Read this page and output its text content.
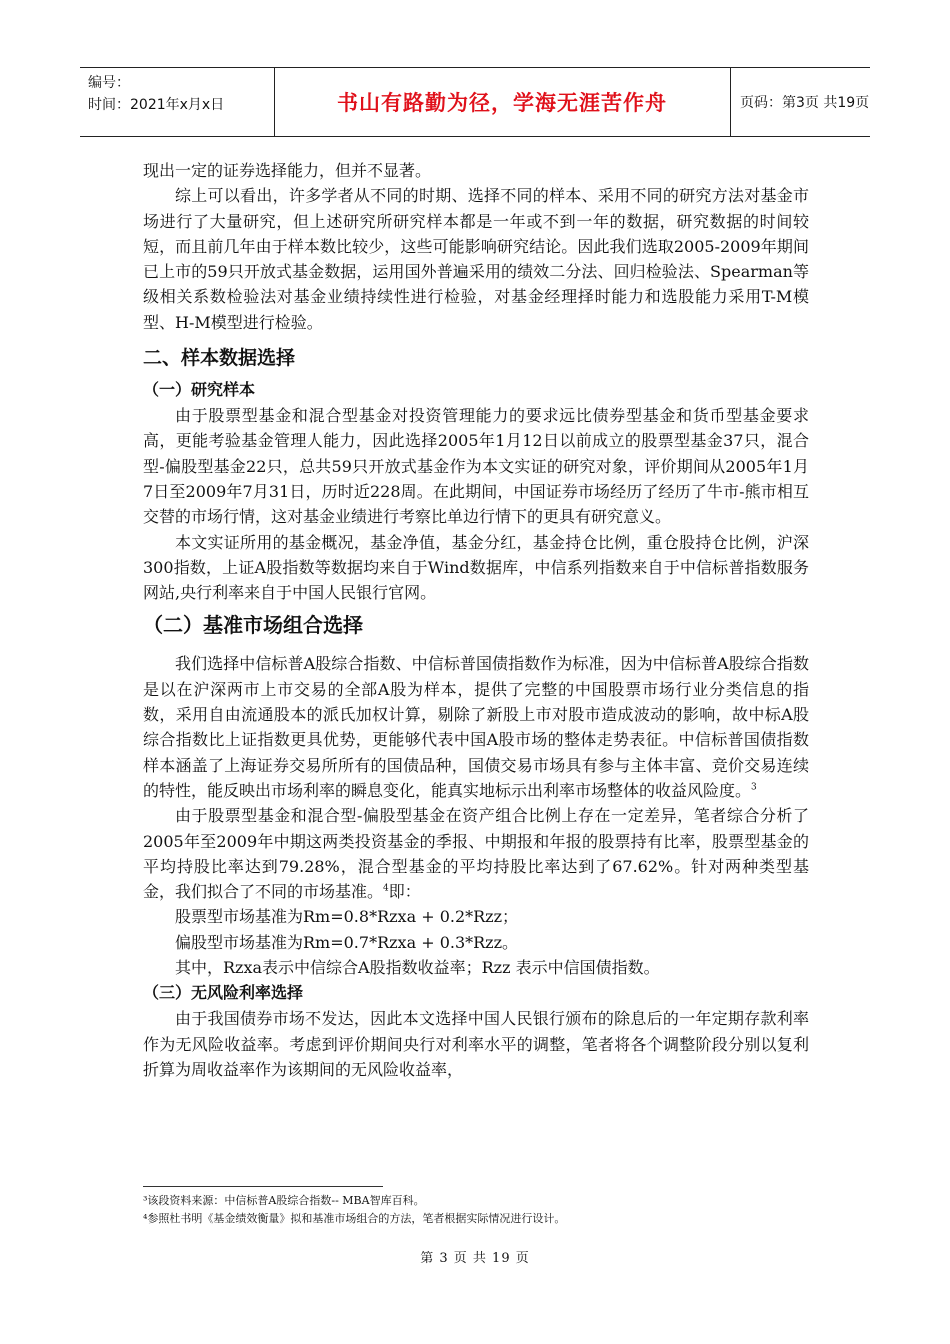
编号：
时间：2021年x月x日	书山有路勤为径，学海无涯苦作舟	页码：第3页 共19页

现出一定的证券选择能力，但并不显著。

综上可以看出，许多学者从不同的时期、选择不同的样本、采用不同的研究方法对基金市场进行了大量研究，但上述研究所研究样本都是一年或不到一年的数据，研究数据的时间较短，而且前几年由于样本数比较少，这些可能影响研究结论。因此我们选取2005-2009年期间已上市的59只开放式基金数据，运用国外普遍采用的绩效二分法、回归检验法、Spearman等级相关系数检验法对基金业绩持续性进行检验，对基金经理择时能力和选股能力采用T-M模型、H-M模型进行检验。

二、样本数据选择
（一）研究样本

由于股票型基金和混合型基金对投资管理能力的要求远比债券型基金和货币型基金要求高，更能考验基金管理人能力，因此选择2005年1月12日以前成立的股票型基金37只，混合型-偏股型基金22只，总共59只开放式基金作为本文实证的研究对象，评价期间从2005年1月7日至2009年7月31日，历时近228周。在此期间，中国证券市场经历了经历了牛市-熊市相互交替的市场行情，这对基金业绩进行考察比单边行情下的更具有研究意义。

本文实证所用的基金概况，基金净值，基金分红，基金持仓比例，重仓股持仓比例，沪深300指数，上证A股指数等数据均来自于Wind数据库，中信系列指数来自于中信标普指数服务网站,央行利率来自于中国人民银行官网。

（二）基准市场组合选择

我们选择中信标普A股综合指数、中信标普国债指数作为标准，因为中信标普A股综合指数是以在沪深两市上市交易的全部A股为样本，提供了完整的中国股票市场行业分类信息的指数，采用自由流通股本的派氏加权计算，剔除了新股上市对股市造成波动的影响，故中标A股综合指数比上证指数更具优势，更能够代表中国A股市场的整体走势表征。中信标普国债指数样本涵盖了上海证券交易所所有的国债品种，国债交易市场具有参与主体丰富、竞价交易连续的特性，能反映出市场利率的瞬息变化，能真实地标示出利率市场整体的收益风险度。$^3$

由于股票型基金和混合型-偏股型基金在资产组合比例上存在一定差异，笔者综合分析了2005年至2009年中期这两类投资基金的季报、中期报和年报的股票持有比率，股票型基金的平均持股比率达到79.28%，混合型基金的平均持股比率达到了67.62%。针对两种类型基金，我们拟合了不同的市场基准。$^4$即：

股票型市场基准为Rm=0.8*Rzxa + 0.2*Rzz；

偏股型市场基准为Rm=0.7*Rzxa + 0.3*Rzz。

其中，Rzxa表示中信综合A股指数收益率；Rzz 表示中信国债指数。

（三）无风险利率选择

由于我国债券市场不发达，因此本文选择中国人民银行颁布的除息后的一年定期存款利率作为无风险收益率。考虑到评价期间央行对利率水平的调整，笔者将各个调整阶段分别以复利折算为周收益率作为该期间的无风险收益率，

³该段资料来源：中信标普A股综合指数-- MBA智库百科。

⁴参照杜书明《基金绩效衡量》拟和基准市场组合的方法，笔者根据实际情况进行设计。

第 3 页 共 19 页
